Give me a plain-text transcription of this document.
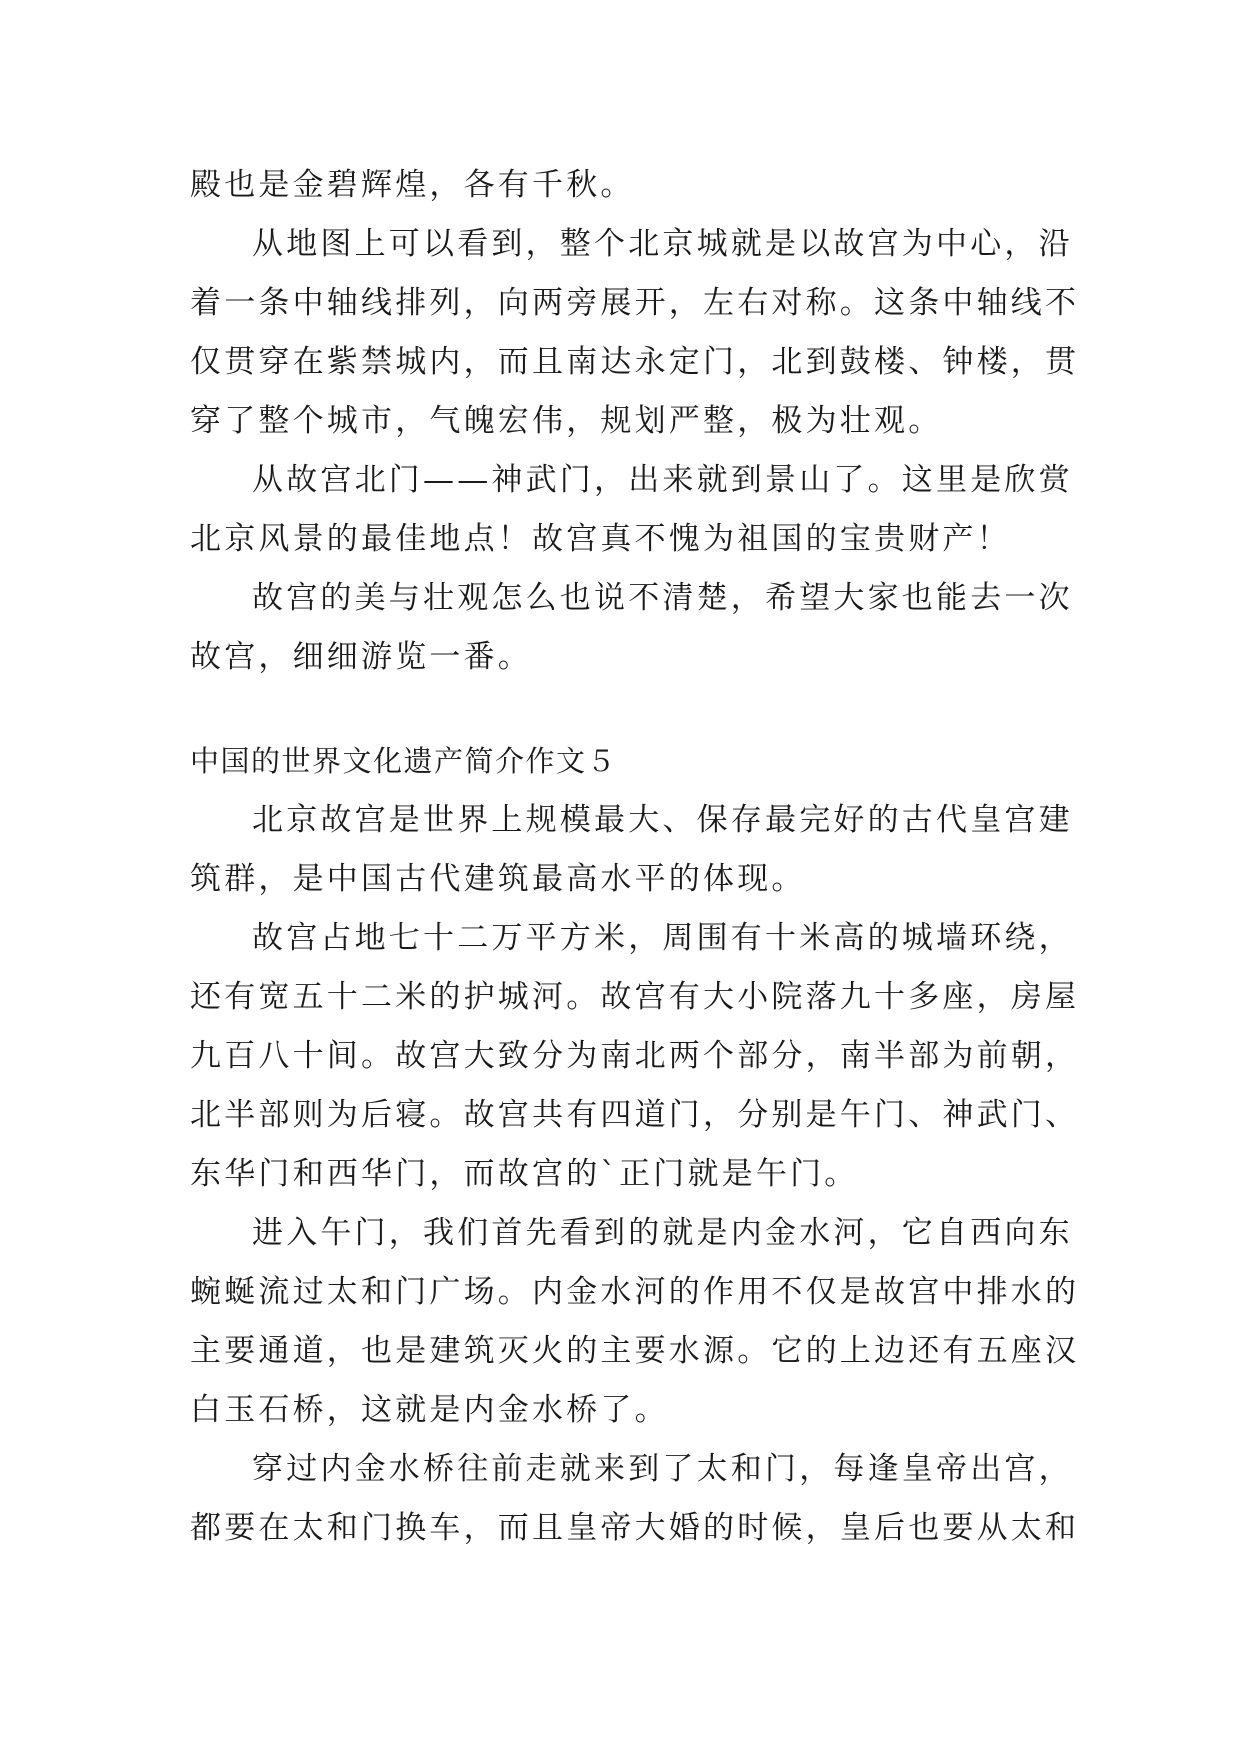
殿也是金碧辉煌，各有千秋。
从地图上可以看到，整个北京城就是以故宫为中心，沿
着一条中轴线排列，向两旁展开，左右对称。这条中轴线不
仅贯穿在紫禁城内，而且南达永定门，北到鼓楼、钟楼，贯
穿了整个城市，气魄宏伟，规划严整，极为壮观。
从故宫北门——神武门，出来就到景山了。这里是欣赏
北京风景的最佳地点！故宫真不愧为祖国的宝贵财产！
故宫的美与壮观怎么也说不清楚，希望大家也能去一次
故宫，细细游览一番。
中国的世界文化遗产简介作文５
北京故宫是世界上规模最大、保存最完好的古代皇宫建
筑群，是中国古代建筑最高水平的体现。
故宫占地七十二万平方米，周围有十米高的城墙环绕，
还有宽五十二米的护城河。故宫有大小院落九十多座，房屋
九百八十间。故宫大致分为南北两个部分，南半部为前朝，
北半部则为后寝。故宫共有四道门，分别是午门、神武门、
东华门和西华门，而故宫的`正门就是午门。
进入午门，我们首先看到的就是内金水河，它自西向东
蜿蜒流过太和门广场。内金水河的作用不仅是故宫中排水的
主要通道，也是建筑灭火的主要水源。它的上边还有五座汉
白玉石桥，这就是内金水桥了。
穿过内金水桥往前走就来到了太和门，每逢皇帝出宫，
都要在太和门换车，而且皇帝大婚的时候，皇后也要从太和
